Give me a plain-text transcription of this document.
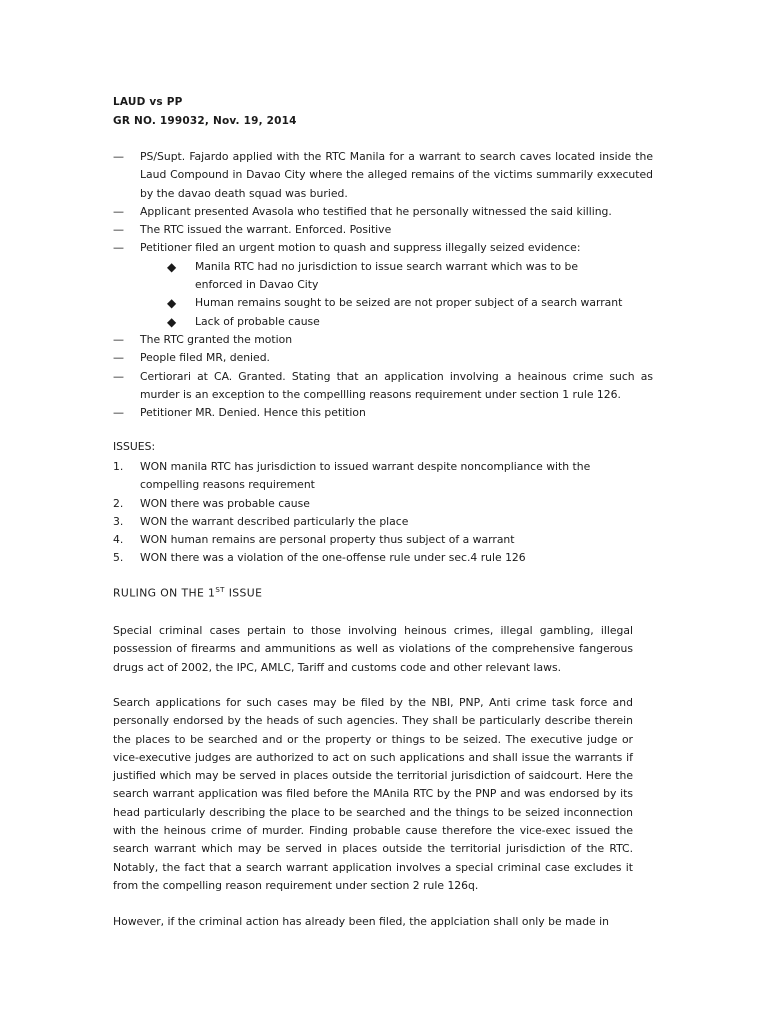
LAUD vs PP
GR NO. 199032, Nov. 19, 2014
— PS/Supt. Fajardo applied with the RTC Manila for a warrant to search caves located inside the Laud Compound in Davao City where the alleged remains of the victims summarily exxecuted by the davao death squad was buried.
— Applicant presented Avasola who testified that he personally witnessed the said killing.
— The RTC issued the warrant. Enforced. Positive
— Petitioner filed an urgent motion to quash and suppress illegally seized evidence:
◆ Manila RTC had no jurisdiction to issue search warrant which was to be enforced in Davao City
◆ Human remains sought to be seized are not proper subject of a search warrant
◆ Lack of probable cause
— The RTC granted the motion
— People filed MR, denied.
— Certiorari at CA. Granted. Stating that an application involving a heainous crime such as murder is an exception to the compellling reasons requirement under section 1 rule 126.
— Petitioner MR. Denied. Hence this petition
ISSUES:
1. WON manila RTC has jurisdiction to issued warrant despite noncompliance with the compelling reasons requirement
2. WON there was probable cause
3. WON the warrant described particularly the place
4. WON human remains are personal property thus subject of a warrant
5. WON there was a violation of the one-offense rule under sec.4 rule 126
RULING ON THE 1ST ISSUE
Special criminal cases pertain to those involving heinous crimes, illegal gambling, illegal possession of firearms and ammunitions as well as violations of the comprehensive fangerous drugs act of 2002, the IPC, AMLC, Tariff and customs code and other relevant laws.
Search applications for such cases may be filed by the NBI, PNP, Anti crime task force and personally endorsed by the heads of such agencies. They shall be particularly describe therein the places to be searched and or the property or things to be seized. The executive judge or vice-executive judges are authorized to act on such applications and shall issue the warrants if justified which may be served in places outside the territorial jurisdiction of saidcourt. Here the search warrant application was filed before the MAnila RTC by the PNP and was endorsed by its head particularly describing the place to be searched and the things to be seized inconnection with the heinous crime of murder. Finding probable cause therefore the vice-exec issued the search warrant which may be served in places outside the territorial jurisdiction of the RTC. Notably, the fact that a search warrant application involves a special criminal case excludes it from the compelling reason requirement under section 2 rule 126q.
However, if the criminal action has already been filed, the applciation shall only be made in
